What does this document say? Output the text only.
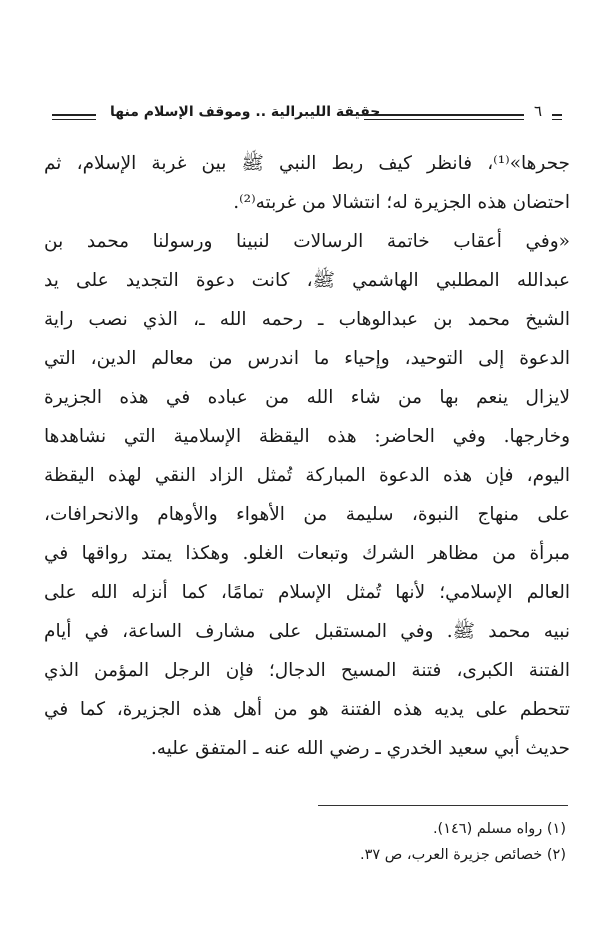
حقيقة الليبرالية .. وموقف الإسلام منها	٦
جحرها»⁽¹⁾، فانظر كيف ربط النبي ﷺ بين غربة الإسلام، ثم
احتضان هذه الجزيرة له؛ انتشالا من غربته⁽²⁾.
«وفي أعقاب خاتمة الرسالات لنبينا ورسولنا محمد بن
عبدالله المطلبي الهاشمي ﷺ، كانت دعوة التجديد على يد
الشيخ محمد بن عبدالوهاب ـ رحمه الله ـ، الذي نصب راية
الدعوة إلى التوحيد، وإحياء ما اندرس من معالم الدين، التي
لايزال ينعم بها من شاء الله من عباده في هذه الجزيرة
وخارجها. وفي الحاضر: هذه اليقظة الإسلامية التي نشاهدها
اليوم، فإن هذه الدعوة المباركة تُمثل الزاد النقي لهذه اليقظة
على منهاج النبوة، سليمة من الأهواء والأوهام والانحرافات،
مبرأة من مظاهر الشرك وتبعات الغلو. وهكذا يمتد رواقها في
العالم الإسلامي؛ لأنها تُمثل الإسلام تمامًا، كما أنزله الله على
نبيه محمد ﷺ. وفي المستقبل على مشارف الساعة، في أيام
الفتنة الكبرى، فتنة المسيح الدجال؛ فإن الرجل المؤمن الذي
تتحطم على يديه هذه الفتنة هو من أهل هذه الجزيرة، كما في
حديث أبي سعيد الخدري ـ رضي الله عنه ـ المتفق عليه.
(١) رواه مسلم (١٤٦).
(٢) خصائص جزيرة العرب، ص ٣٧.
